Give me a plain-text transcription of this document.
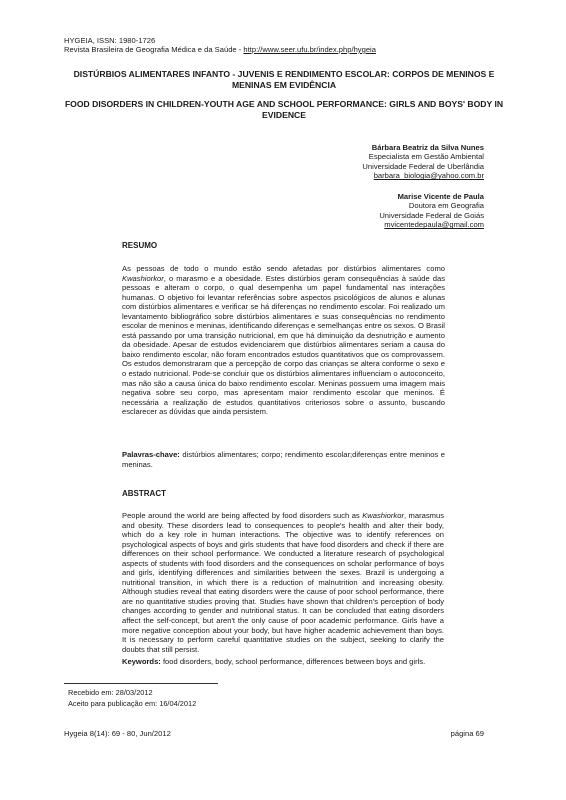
HYGEIA, ISSN: 1980-1726
Revista Brasileira de Geografia Médica e da Saúde - http://www.seer.ufu.br/index.php/hygeia
DISTÚRBIOS ALIMENTARES INFANTO - JUVENIS E RENDIMENTO ESCOLAR: CORPOS DE MENINOS E MENINAS EM EVIDÊNCIA
FOOD DISORDERS IN CHILDREN-YOUTH AGE AND SCHOOL PERFORMANCE: GIRLS AND BOYS' BODY IN EVIDENCE
Bárbara Beatriz da Silva Nunes
Especialista em Gestão Ambiental
Universidade Federal de Uberlândia
barbara_biologia@yahoo.com.br
Marise Vicente de Paula
Doutora em Geografia
Universidade Federal de Goiás
mvicentedepaula@gmail.com
RESUMO
As pessoas de todo o mundo estão sendo afetadas por distúrbios alimentares como Kwashiorkor, o marasmo e a obesidade. Estes distúrbios geram consequências à saúde das pessoas e alteram o corpo, o qual desempenha um papel fundamental nas interações humanas. O objetivo foi levantar referências sobre aspectos psicológicos de alunos e alunas com distúrbios alimentares e verificar se há diferenças no rendimento escolar. Foi realizado um levantamento bibliográfico sobre distúrbios alimentares e suas consequências no rendimento escolar de meninos e meninas, identificando diferenças e semelhanças entre os sexos. O Brasil está passando por uma transição nutricional, em que há diminuição da desnutrição e aumento da obesidade. Apesar de estudos evidenciarem que distúrbios alimentares seriam a causa do baixo rendimento escolar, não foram encontrados estudos quantitativos que os comprovassem. Os estudos demonstraram que a percepção de corpo das crianças se altera conforme o sexo e o estado nutricional. Pode-se concluir que os distúrbios alimentares influenciam o autoconceito, mas não são a causa única do baixo rendimento escolar. Meninas possuem uma imagem mais negativa sobre seu corpo, mas apresentam maior rendimento escolar que meninos. É necessária a realização de estudos quantitativos criteriosos sobre o assunto, buscando esclarecer as dúvidas que ainda persistem.
Palavras-chave: distúrbios alimentares; corpo; rendimento escolar;diferenças entre meninos e meninas.
ABSTRACT
People around the world are being affected by food disorders such as Kwashiorkor, marasmus and obesity. These disorders lead to consequences to people's health and alter their body, which do a key role in human interactions. The objective was to identify references on psychological aspects of boys and girls students that have food disorders and check if there are differences on their school performance. We conducted a literature research of psychological aspects of students with food disorders and the consequences on scholar performance of boys and girls, identifying differences and similarities between the sexes. Brazil is undergoing a nutritional transition, in which there is a reduction of malnutrition and increasing obesity. Although studies reveal that eating disorders were the cause of poor school performance, there are no quantitative studies proving that. Studies have shown that children's perception of body changes according to gender and nutritional status. It can be concluded that eating disorders affect the self-concept, but aren't the only cause of poor academic performance. Girls have a more negative conception about your body, but have higher academic achievement than boys. It is necessary to perform careful quantitative studies on the subject, seeking to clarify the doubts that still persist.
Keywords: food disorders, body, school performance, differences between boys and girls.
Recebido em: 28/03/2012
Aceito para publicação em: 16/04/2012
Hygeia 8(14): 69 - 80, Jun/2012	página 69
